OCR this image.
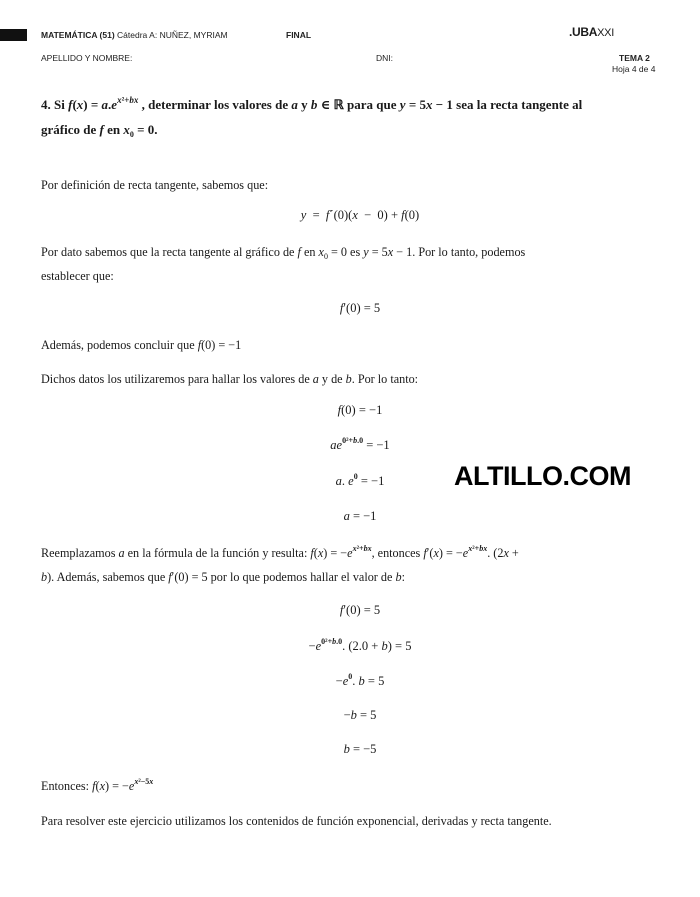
MATEMÁTICA (51) Cátedra A: NUÑEZ, MYRIAM	FINAL	.UBAXXI
APELLIDO Y NOMBRE:	DNI:	TEMA 2
Hoja 4 de 4
4. Si $f(x) = a.e^{x^2+bx}$ , determinar los valores de a y b ∈ ℝ para que y = 5x − 1 sea la recta tangente al
gráfico de f en $x_0 = 0$.
Por definición de recta tangente, sabemos que:
y  =  f´(0)(x  −  0) + f(0)
Por dato sabemos que la recta tangente al gráfico de f en $x_0 = 0$ es y = 5x − 1. Por lo tanto, podemos
establecer que:
f′(0) = 5
Además, podemos concluir que f(0) = −1
Dichos datos los utilizaremos para hallar los valores de a y de b. Por lo tanto:
f(0) = −1
$ae^{0^2+b.0} = -1$
a. $e^0 = -1$	ALTILLO.COM
a = −1
Reemplazamos a en la fórmula de la función y resulta: $f(x) = -e^{x^2+bx}$, entonces $f'(x) = -e^{x^2+bx}$. (2x +
b). Además, sabemos que f′(0) = 5 por lo que podemos hallar el valor de b:
f′(0) = 5
$-e^{0^2+b.0}$. (2.0 + b) = 5
$-e^0$. b = 5
−b = 5
b = −5
Entonces: $f(x) = -e^{x^2-5x}$
Para resolver este ejercicio utilizamos los contenidos de función exponencial, derivadas y recta tangente.
